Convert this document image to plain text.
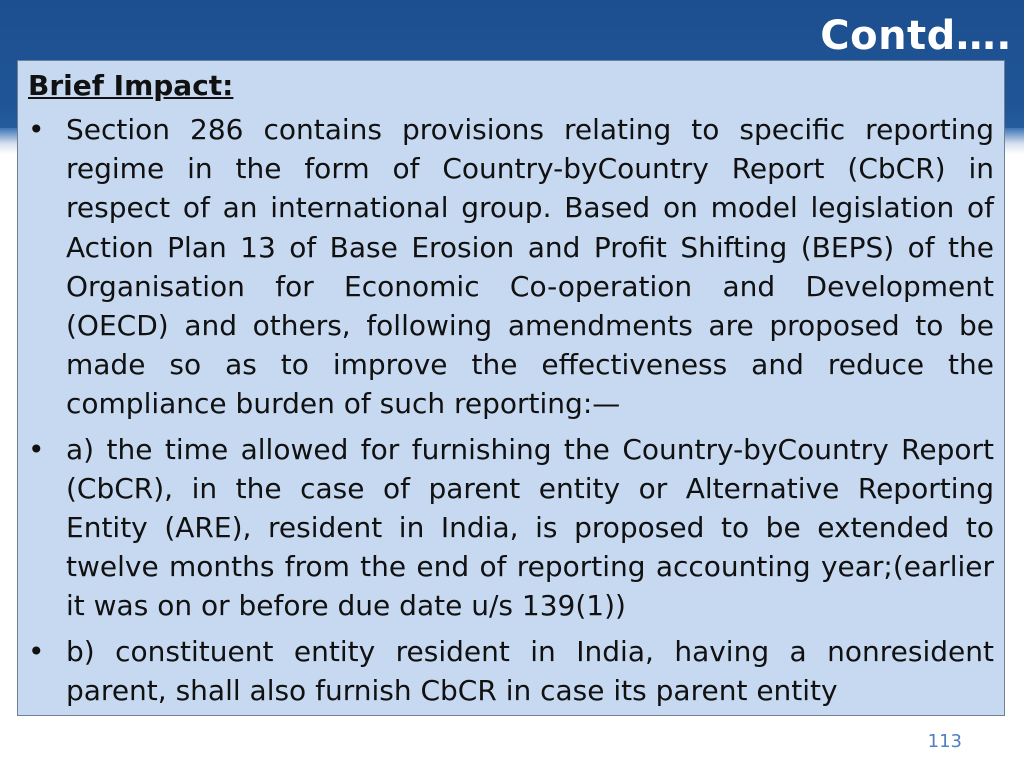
Contd….
Brief Impact:
• Section 286 contains provisions relating to specific reporting regime in the form of Country-byCountry Report (CbCR) in respect of an international group. Based on model legislation of Action Plan 13 of Base Erosion and Profit Shifting (BEPS) of the Organisation for Economic Co-operation and Development (OECD) and others, following amendments are proposed to be made so as to improve the effectiveness and reduce the compliance burden of such reporting:—
• a) the time allowed for furnishing the Country-byCountry Report (CbCR), in the case of parent entity or Alternative Reporting Entity (ARE), resident in India, is proposed to be extended to twelve months from the end of reporting accounting year;(earlier it was on or before due date u/s 139(1))
• b) constituent entity resident in India, having a nonresident parent, shall also furnish CbCR in case its parent entity
113
